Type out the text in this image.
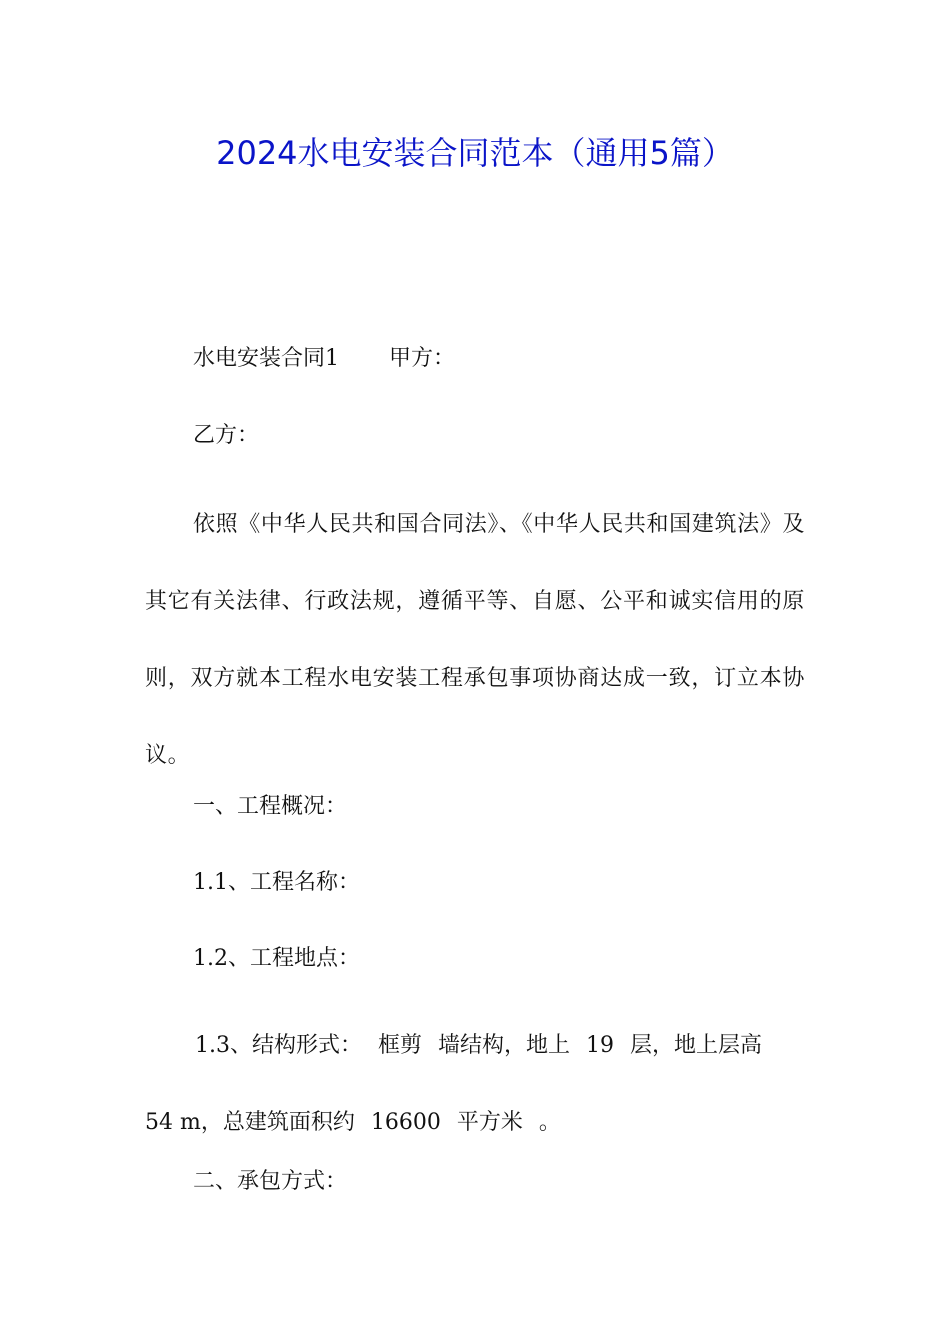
2024水电安装合同范本（通用5篇）
水电安装合同1 甲方：
乙方：
依照《中华人民共和国合同法》、《中华人民共和国建筑法》及其它有关法律、行政法规，遵循平等、自愿、公平和诚实信用的原则，双方就本工程水电安装工程承包事项协商达成一致，订立本协议。
一、工程概况：
1.1、工程名称：
1.2、工程地点：
1.3、结构形式： 框剪 墙结构，地上 19 层，地上层高
54 m，总建筑面积约 16600 平方米 。
二、承包方式：
